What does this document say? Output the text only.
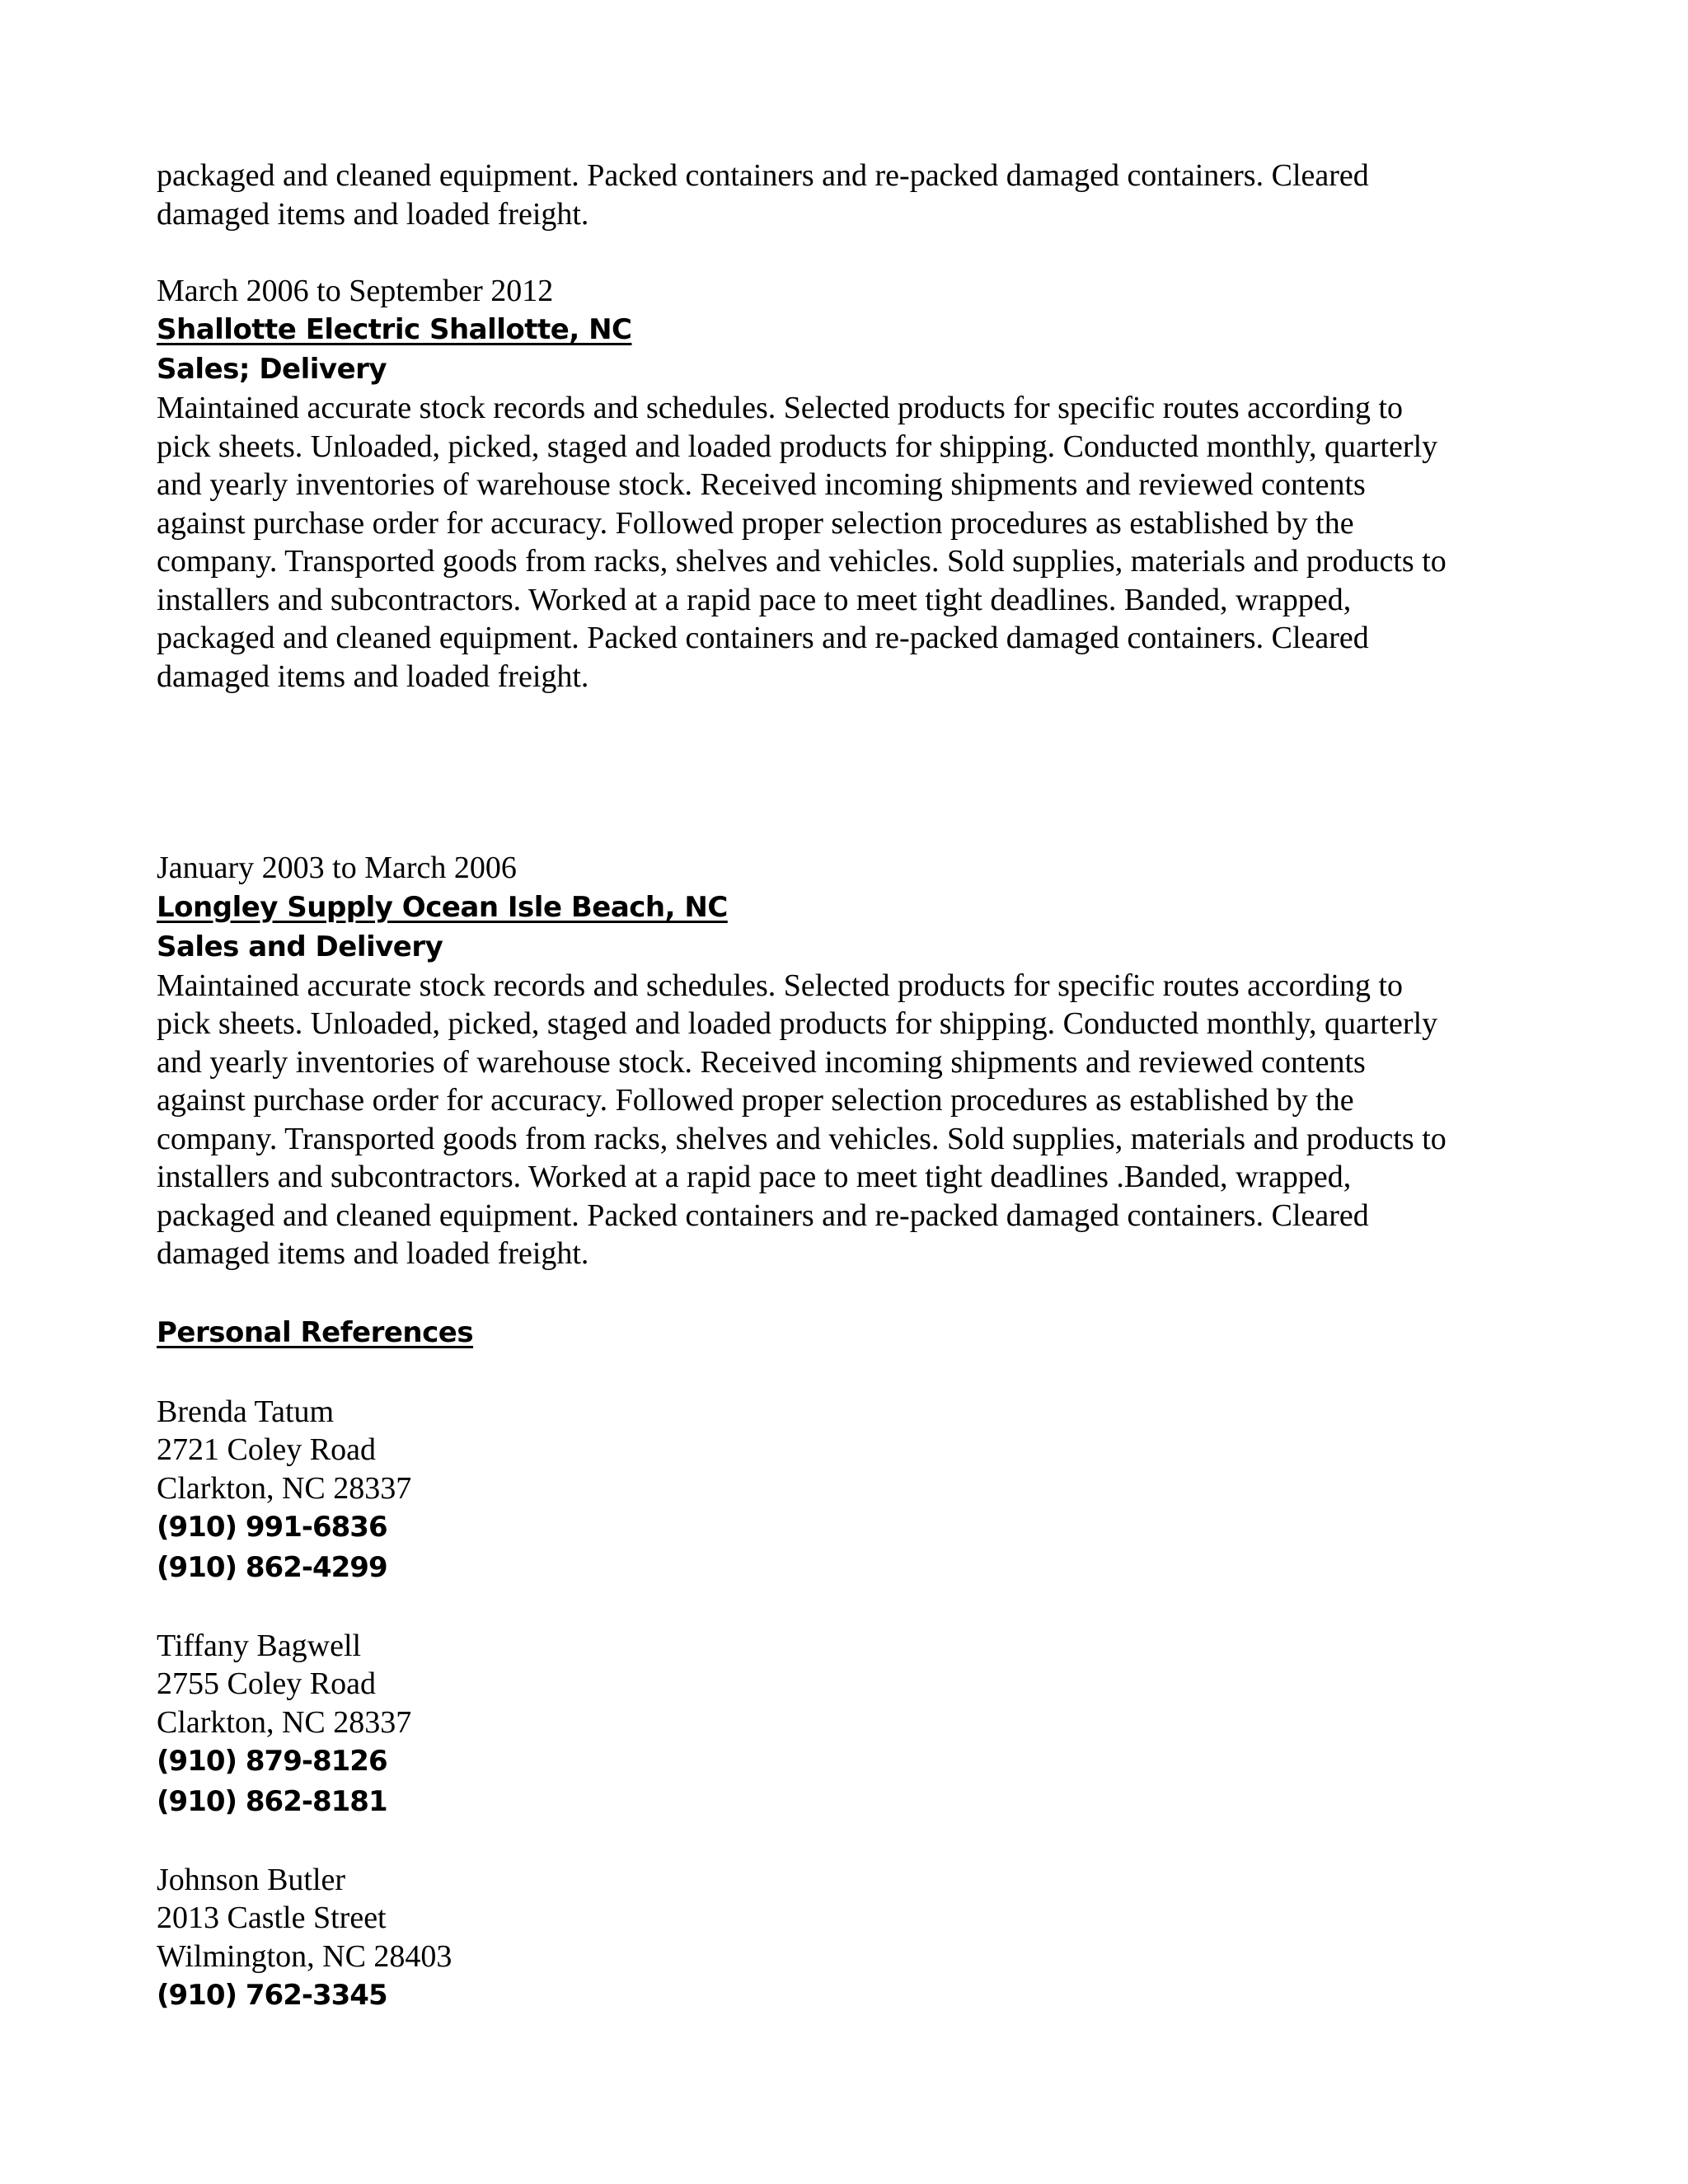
packaged and cleaned equipment. Packed containers and re-packed damaged containers. Cleared

damaged items and loaded freight.

March 2006 to September 2012

Shallotte Electric Shallotte, NC

Sales; Delivery

Maintained accurate stock records and schedules. Selected products for specific routes according to

pick sheets. Unloaded, picked, staged and loaded products for shipping. Conducted monthly, quarterly

and yearly inventories of warehouse stock. Received incoming shipments and reviewed contents

against purchase order for accuracy. Followed proper selection procedures as established by the

company. Transported goods from racks, shelves and vehicles. Sold supplies, materials and products to

installers and subcontractors. Worked at a rapid pace to meet tight deadlines. Banded, wrapped,

packaged and cleaned equipment. Packed containers and re-packed damaged containers. Cleared

damaged items and loaded freight.

January 2003 to March 2006

Longley Supply Ocean Isle Beach, NC

Sales and Delivery

Maintained accurate stock records and schedules. Selected products for specific routes according to

pick sheets. Unloaded, picked, staged and loaded products for shipping. Conducted monthly, quarterly

and yearly inventories of warehouse stock. Received incoming shipments and reviewed contents

against purchase order for accuracy. Followed proper selection procedures as established by the

company. Transported goods from racks, shelves and vehicles. Sold supplies, materials and products to

installers and subcontractors. Worked at a rapid pace to meet tight deadlines .Banded, wrapped,

packaged and cleaned equipment. Packed containers and re-packed damaged containers. Cleared

damaged items and loaded freight.

Personal References

Brenda Tatum

2721 Coley Road

Clarkton, NC 28337

(910) 991-6836

(910) 862-4299

Tiffany Bagwell

2755 Coley Road

Clarkton, NC 28337

(910) 879-8126

(910) 862-8181

Johnson Butler

2013 Castle Street

Wilmington, NC 28403

(910) 762-3345
